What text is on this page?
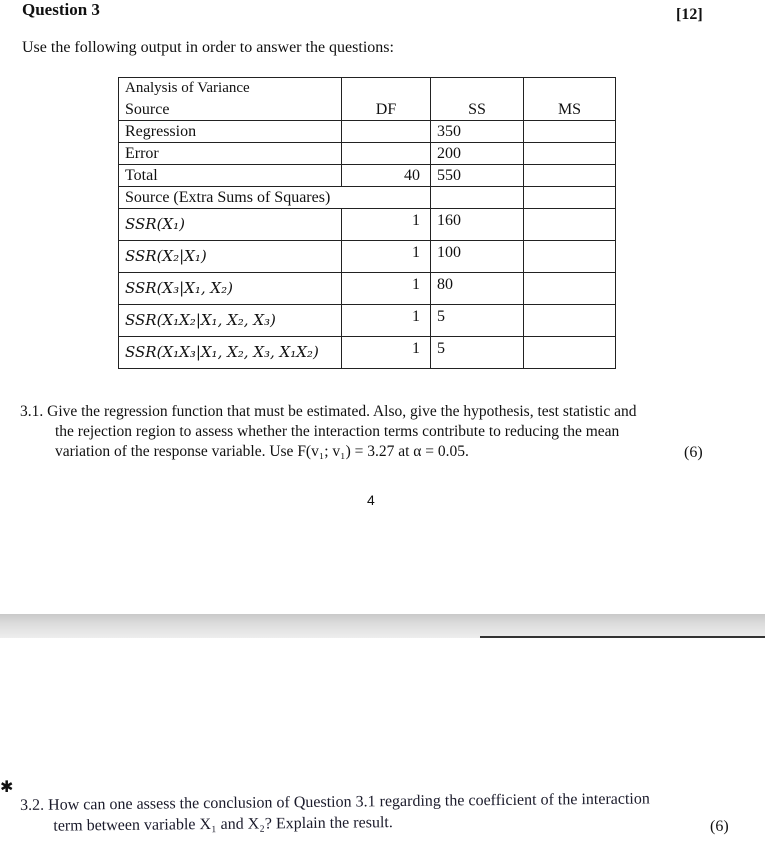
Question 3	[12]
Use the following output in order to answer the questions:
Analysis of Variance			
Source	DF	SS	MS
Regression		350	
Error		200	
Total	40	550	
Source (Extra Sums of Squares)			
SSR(X₁)	1	160	
SSR(X₂|X₁)	1	100	
SSR(X₃|X₁, X₂)	1	80	
SSR(X₁X₂|X₁, X₂, X₃)	1	5	
SSR(X₁X₃|X₁, X₂, X₃, X₁X₂)	1	5	
3.1. Give the regression function that must be estimated. Also, give the hypothesis, test statistic and
the rejection region to assess whether the interaction terms contribute to reducing the mean
variation of the response variable. Use F(v₁; v₁) = 3.27 at α = 0.05.	(6)
4
✱
3.2. How can one assess the conclusion of Question 3.1 regarding the coefficient of the interaction
term between variable X₁ and X₂? Explain the result.	(6)
